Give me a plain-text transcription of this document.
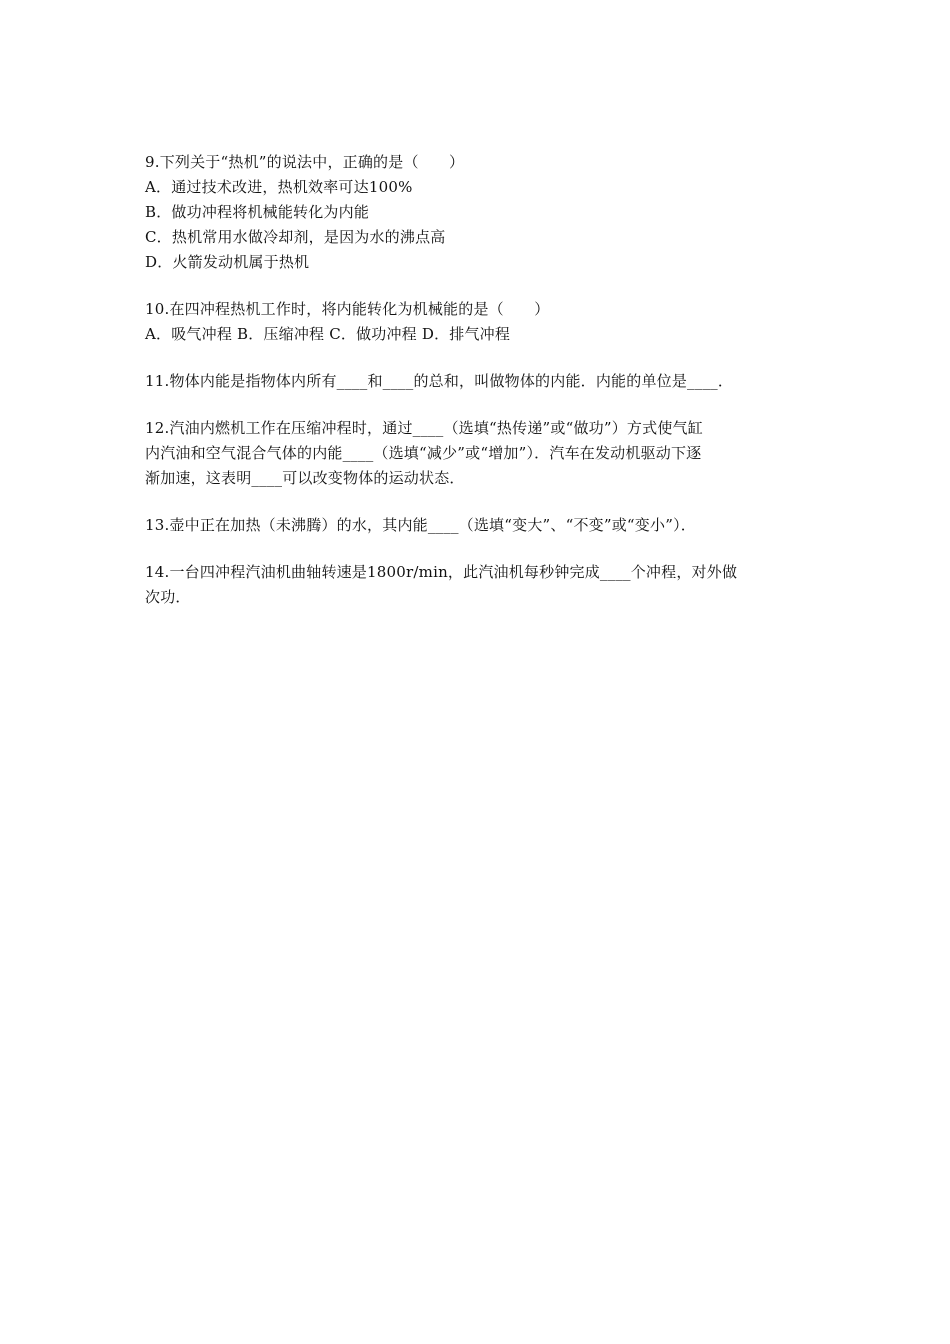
9.下列关于“热机”的说法中，正确的是（　　）
A．通过技术改进，热机效率可达100%
B．做功冲程将机械能转化为内能
C．热机常用水做冷却剂，是因为水的沸点高
D．火箭发动机属于热机
10.在四冲程热机工作时，将内能转化为机械能的是（　　）
A．吸气冲程 B．压缩冲程 C．做功冲程 D．排气冲程
11.物体内能是指物体内所有____和____的总和，叫做物体的内能．内能的单位是____．
12.汽油内燃机工作在压缩冲程时，通过____（选填“热传递”或“做功”）方式使气缸
内汽油和空气混合气体的内能____（选填“减少”或“增加”）．汽车在发动机驱动下逐
渐加速，这表明____可以改变物体的运动状态．
13.壶中正在加热（未沸腾）的水，其内能____（选填“变大”、“不变”或“变小”）．
14.一台四冲程汽油机曲轴转速是1800r/min，此汽油机每秒钟完成____个冲程，对外做
次功．
